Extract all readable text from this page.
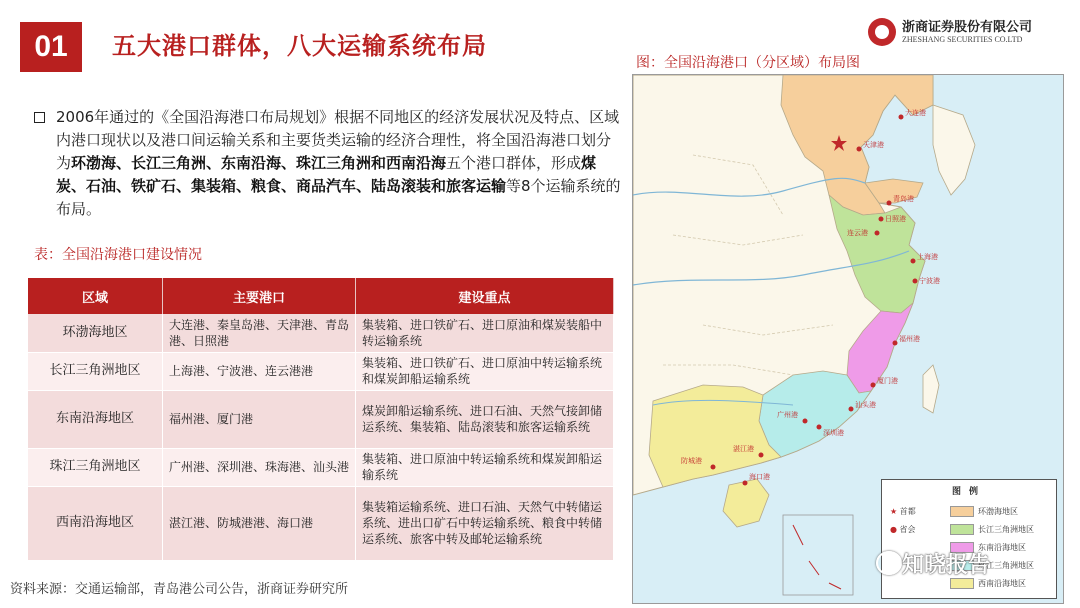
01	五大港口群体，八大运输系统布局
浙商证券股份有限公司
ZHESHANG SECURITIES CO.LTD
2006年通过的《全国沿海港口布局规划》根据不同地区的经济发展状况及特点、区域内港口现状以及港口间运输关系和主要货类运输的经济合理性，将全国沿海港口划分为环渤海、长江三角洲、东南沿海、珠江三角洲和西南沿海五个港口群体，形成煤炭、石油、铁矿石、集装箱、粮食、商品汽车、陆岛滚装和旅客运输等8个运输系统的布局。
表：全国沿海港口建设情况
区域	主要港口	建设重点
环渤海地区	大连港、秦皇岛港、天津港、青岛港、日照港	集装箱、进口铁矿石、进口原油和煤炭装船中转运输系统
长江三角洲地区	上海港、宁波港、连云港港	集装箱、进口铁矿石、进口原油中转运输系统和煤炭卸船运输系统
东南沿海地区	福州港、厦门港	煤炭卸船运输系统、进口石油、天然气接卸储运系统、集装箱、陆岛滚装和旅客运输系统
珠江三角洲地区	广州港、深圳港、珠海港、汕头港	集装箱、进口原油中转运输系统和煤炭卸船运输系统
西南沿海地区	湛江港、防城港港、海口港	集装箱运输系统、进口石油、天然气中转储运系统、进出口矿石中转运输系统、粮食中转储运系统、旅客中转及邮轮运输系统
资料来源：交通运输部，青岛港公司公告，浙商证券研究所
图：全国沿海港口（分区域）布局图
大连港
天津港
青岛港
日照港
连云港
上海港
宁波港
福州港
厦门港
汕头港
深圳港
广州港
湛江港
防城港
海口港
图例
★ 首都
● 省会
环渤海地区
长江三角洲地区
东南沿海地区
珠江三角洲地区
西南沿海地区
知晓报告
